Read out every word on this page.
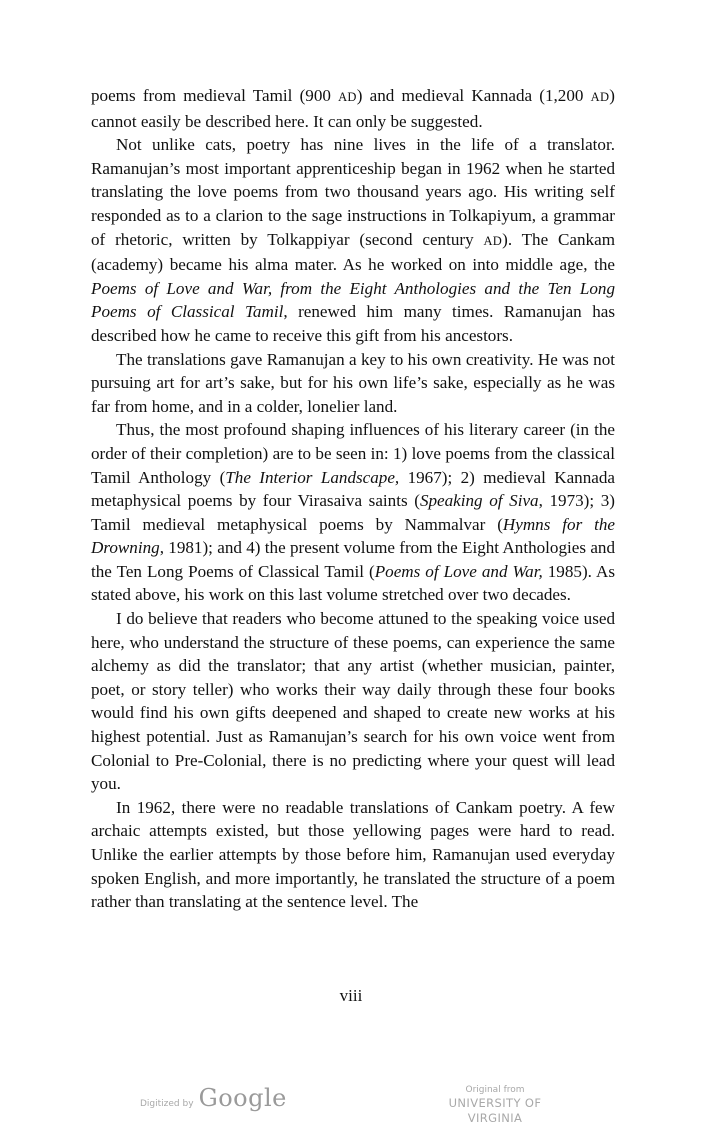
poems from medieval Tamil (900 AD) and medieval Kannada (1,200 AD) cannot easily be described here. It can only be suggested.

Not unlike cats, poetry has nine lives in the life of a translator. Ramanujan’s most important apprenticeship began in 1962 when he started translating the love poems from two thousand years ago. His writing self responded as to a clarion to the sage instructions in Tolkapiyum, a grammar of rhetoric, written by Tolkappiyar (second century AD). The Cankam (academy) became his alma mater. As he worked on into middle age, the Poems of Love and War, from the Eight Anthologies and the Ten Long Poems of Classical Tamil, renewed him many times. Ramanujan has described how he came to receive this gift from his ancestors.

The translations gave Ramanujan a key to his own creativity. He was not pursuing art for art’s sake, but for his own life’s sake, especially as he was far from home, and in a colder, lonelier land.

Thus, the most profound shaping influences of his literary career (in the order of their completion) are to be seen in: 1) love poems from the classical Tamil Anthology (The Interior Landscape, 1967); 2) medieval Kannada metaphysical poems by four Virasaiva saints (Speaking of Siva, 1973); 3) Tamil medieval metaphysical poems by Nammalvar (Hymns for the Drowning, 1981); and 4) the present volume from the Eight Anthologies and the Ten Long Poems of Classical Tamil (Poems of Love and War, 1985). As stated above, his work on this last volume stretched over two decades.

I do believe that readers who become attuned to the speaking voice used here, who understand the structure of these poems, can experience the same alchemy as did the translator; that any artist (whether musician, painter, poet, or story teller) who works their way daily through these four books would find his own gifts deepened and shaped to create new works at his highest potential. Just as Ramanujan’s search for his own voice went from Colonial to Pre-Colonial, there is no predicting where your quest will lead you.

In 1962, there were no readable translations of Cankam poetry. A few archaic attempts existed, but those yellowing pages were hard to read. Unlike the earlier attempts by those before him, Ramanujan used everyday spoken English, and more importantly, he translated the structure of a poem rather than translating at the sentence level. The

viii
Digitized by Google	Original from
UNIVERSITY OF VIRGINIA
